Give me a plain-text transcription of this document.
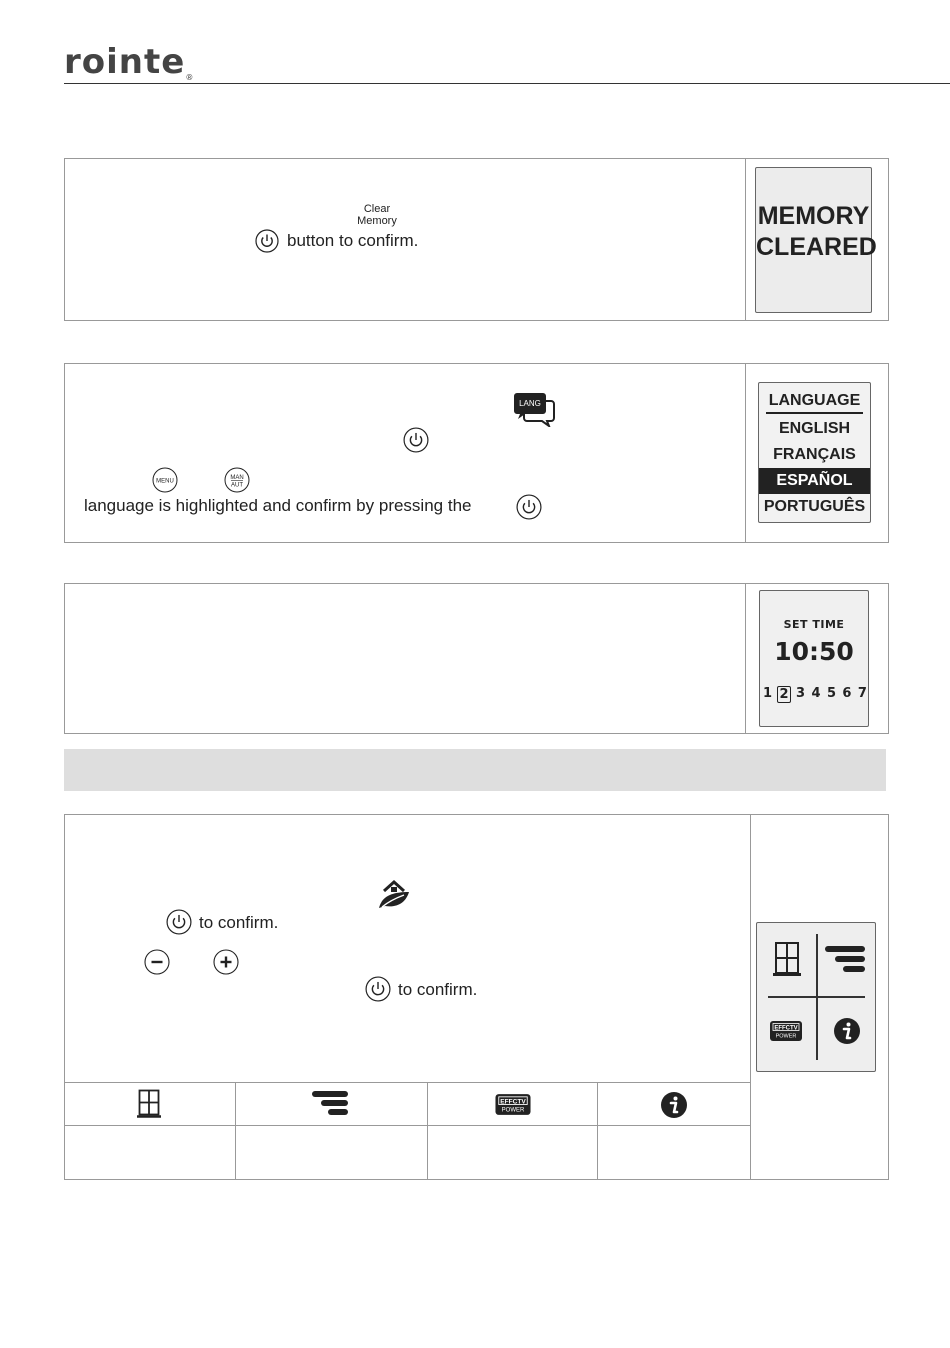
rointe®
Clear
Memory
button to confirm.
MEMORY
CLEARED
LANG
MENU
MAN
AUT
language is highlighted and confirm by pressing the
LANGUAGE
ENGLISH
FRANÇAIS
ESPAÑOL
PORTUGUÊS
SET TIME
10:50
1 2 3 4 5 6 7
to confirm.
to confirm.
EFFCTV
POWER
EFFCTV
POWER
